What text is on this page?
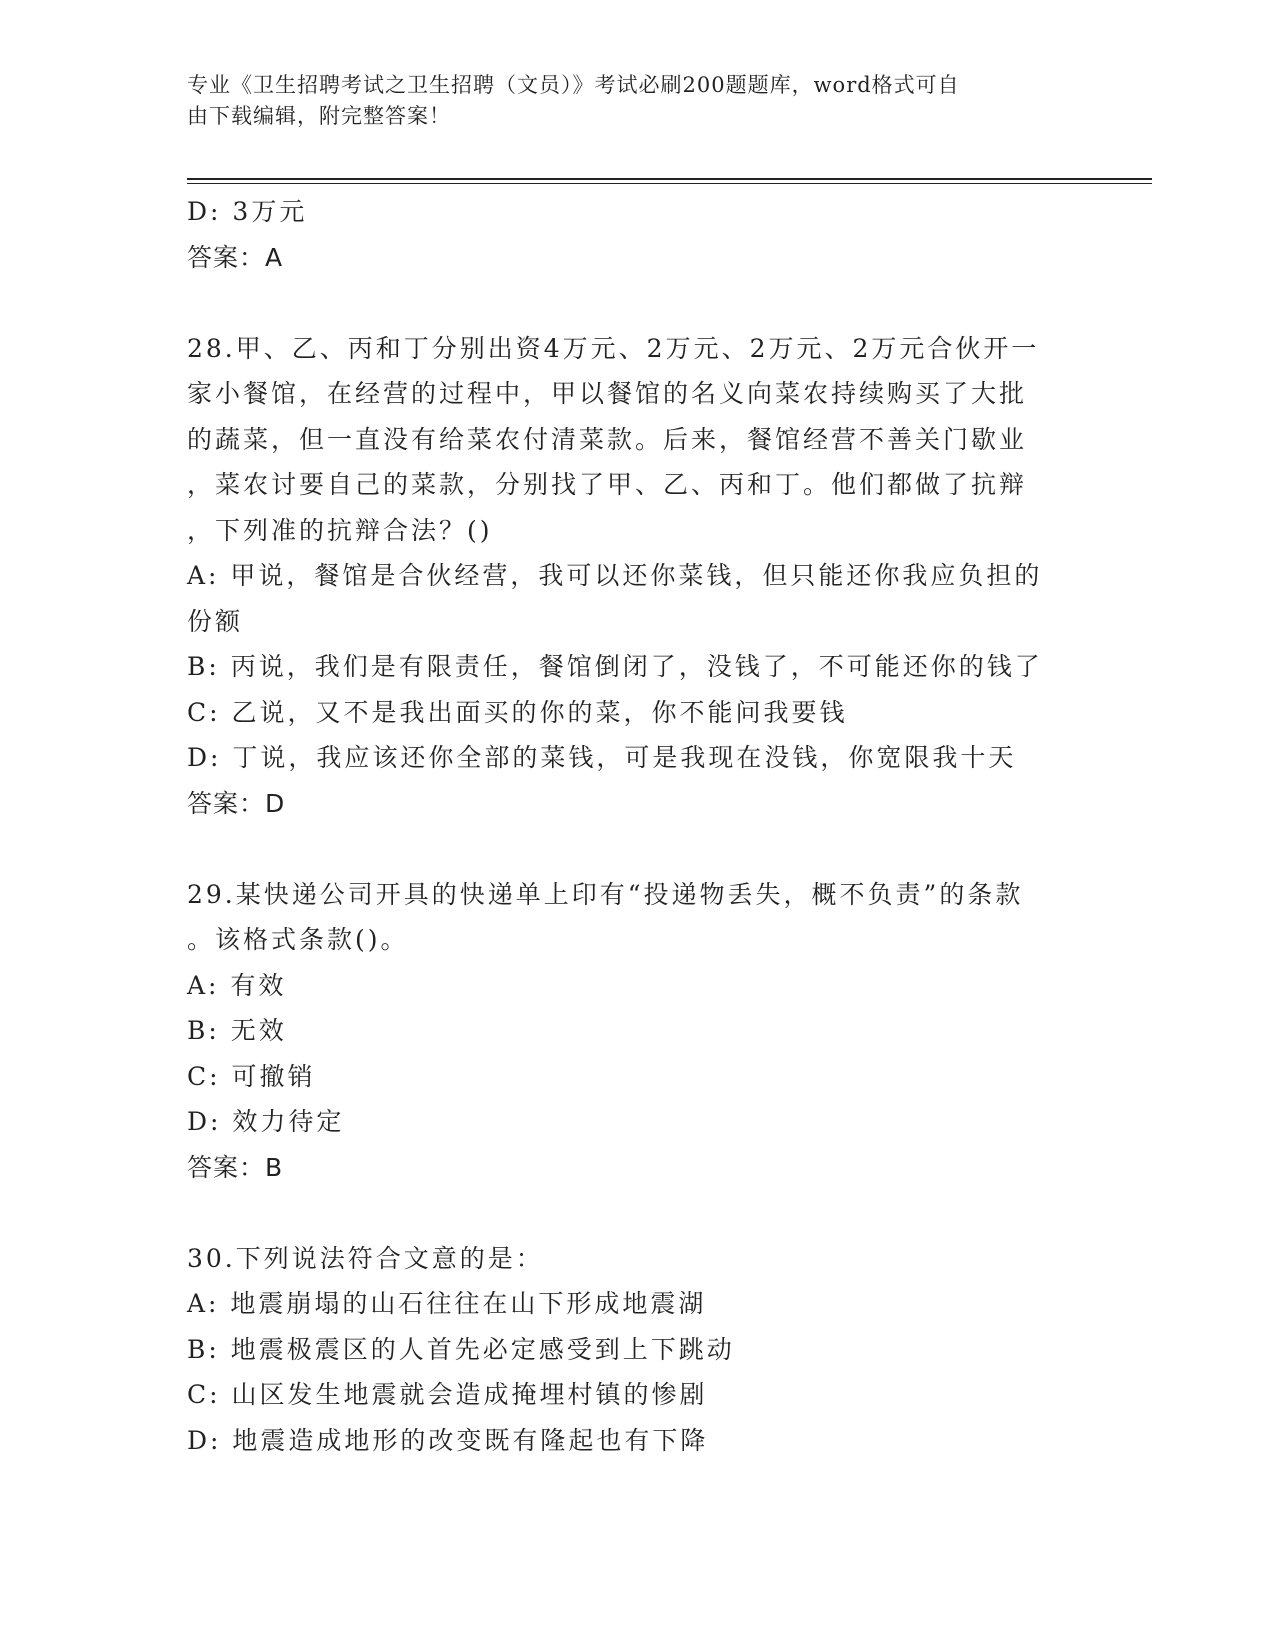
专业《卫生招聘考试之卫生招聘（文员）》考试必刷200题题库，word格式可自
由下载编辑，附完整答案！
D: 3万元
答案：A
28.甲、乙、丙和丁分别出资4万元、2万元、2万元、2万元合伙开一
家小餐馆，在经营的过程中，甲以餐馆的名义向菜农持续购买了大批
的蔬菜，但一直没有给菜农付清菜款。后来，餐馆经营不善关门歇业
，菜农讨要自己的菜款，分别找了甲、乙、丙和丁。他们都做了抗辩
，下列准的抗辩合法？()
A: 甲说，餐馆是合伙经营，我可以还你菜钱，但只能还你我应负担的
份额
B: 丙说，我们是有限责任，餐馆倒闭了，没钱了，不可能还你的钱了
C: 乙说，又不是我出面买的你的菜，你不能问我要钱
D: 丁说，我应该还你全部的菜钱，可是我现在没钱，你宽限我十天
答案：D
29.某快递公司开具的快递单上印有“投递物丢失，概不负责”的条款
。该格式条款()。
A: 有效
B: 无效
C: 可撤销
D: 效力待定
答案：B
30.下列说法符合文意的是：
A: 地震崩塌的山石往往在山下形成地震湖
B: 地震极震区的人首先必定感受到上下跳动
C: 山区发生地震就会造成掩埋村镇的惨剧
D: 地震造成地形的改变既有隆起也有下降
